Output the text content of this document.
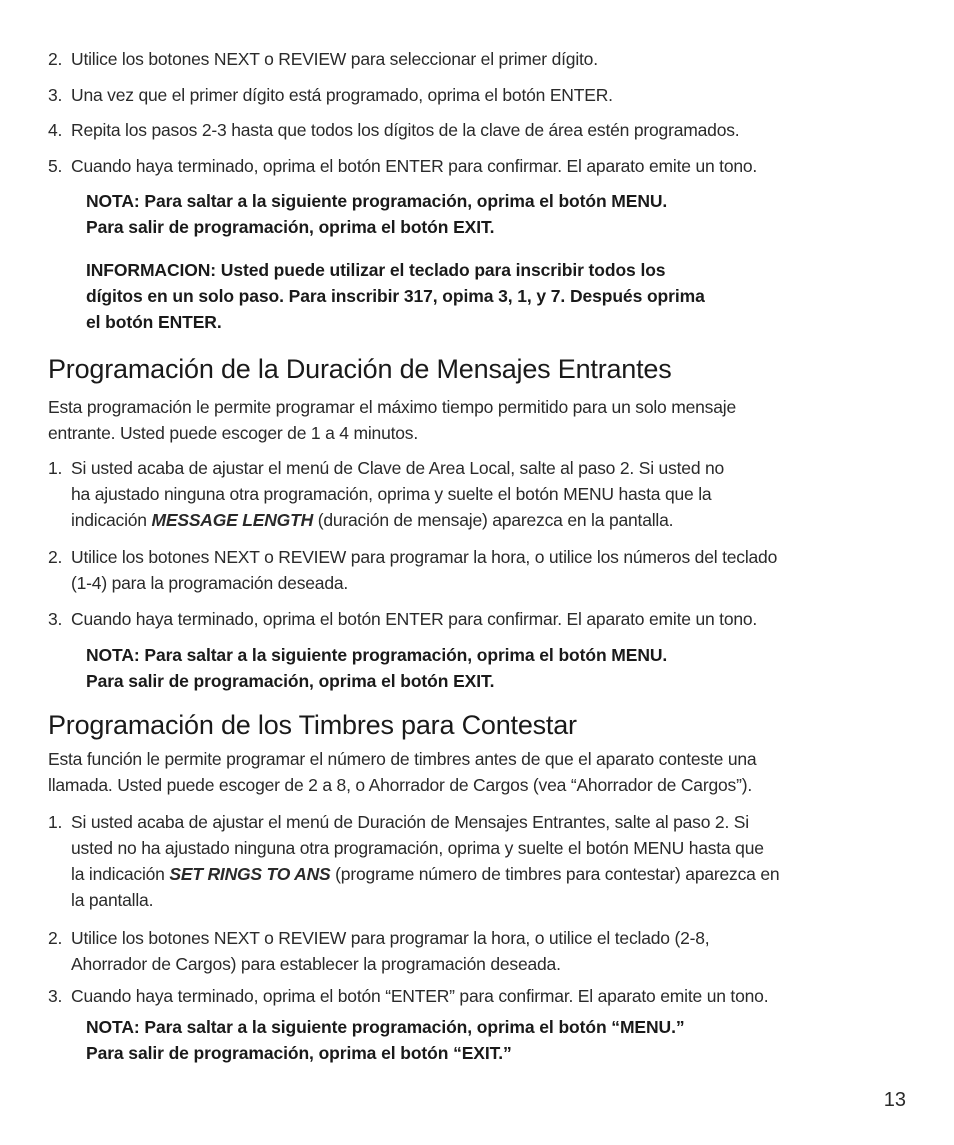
2. Utilice los botones NEXT o REVIEW para seleccionar el primer dígito.
3. Una vez que el primer dígito está programado, oprima el botón ENTER.
4. Repita los pasos 2-3 hasta que todos los dígitos de la clave de área estén programados.
5. Cuando haya terminado, oprima el botón ENTER para confirmar. El aparato emite un tono.
NOTA: Para saltar a la siguiente programación, oprima el botón MENU.
Para salir de programación, oprima el botón EXIT.
INFORMACION: Usted puede utilizar el teclado para inscribir todos los
dígitos en un solo paso. Para inscribir 317, opima 3, 1, y 7. Después oprima
el botón ENTER.
Programación de la Duración de Mensajes Entrantes
Esta programación le permite programar el máximo tiempo permitido para un solo mensaje
entrante. Usted puede escoger de 1 a 4 minutos.
1. Si usted acaba de ajustar el menú de Clave de Area Local, salte al paso 2. Si usted no
ha ajustado ninguna otra programación, oprima y suelte el botón MENU hasta que la
indicación MESSAGE LENGTH (duración de mensaje) aparezca en la pantalla.
2. Utilice los botones NEXT o REVIEW para programar la hora, o utilice los números del teclado
(1-4) para la programación deseada.
3. Cuando haya terminado, oprima el botón ENTER para confirmar. El aparato emite un tono.
NOTA: Para saltar a la siguiente programación, oprima el botón MENU.
Para salir de programación, oprima el botón EXIT.
Programación de los Timbres para Contestar
Esta función le permite programar el número de timbres antes de que el aparato conteste una
llamada. Usted puede escoger de 2 a 8, o Ahorrador de Cargos (vea “Ahorrador de Cargos”).
1. Si usted acaba de ajustar el menú de Duración de Mensajes Entrantes, salte al paso 2. Si
usted no ha ajustado ninguna otra programación, oprima y suelte el botón MENU hasta que
la indicación SET RINGS TO ANS (programe número de timbres para contestar) aparezca en
la pantalla.
2. Utilice los botones NEXT o REVIEW para programar la hora, o utilice el teclado (2-8,
Ahorrador de Cargos) para establecer la programación deseada.
3. Cuando haya terminado, oprima el botón “ENTER” para confirmar. El aparato emite un tono.
NOTA: Para saltar a la siguiente programación, oprima el botón “MENU.”
Para salir de programación, oprima el botón “EXIT.”
13
